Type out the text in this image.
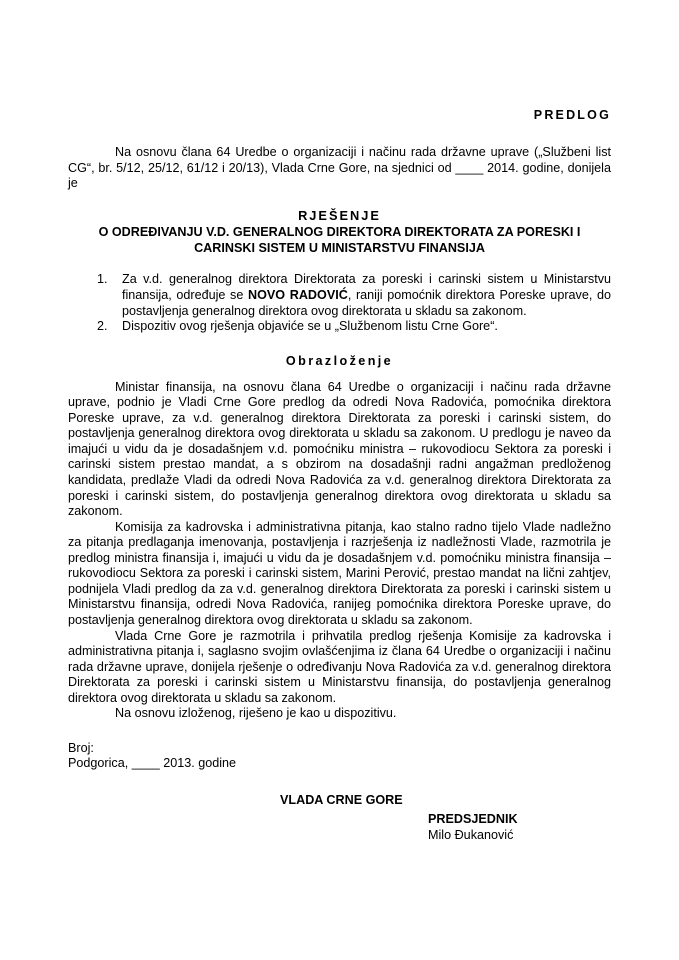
PREDLOG

Na osnovu člana 64 Uredbe o organizaciji i načinu rada državne uprave („Službeni list CG“, br. 5/12, 25/12, 61/12 i 20/13), Vlada Crne Gore, na sjednici od ____ 2014. godine, donijela je

RJEŠENJE
O ODREĐIVANJU V.D. GENERALNOG DIREKTORA DIREKTORATA ZA PORESKI I CARINSKI SISTEM U MINISTARSTVU FINANSIJA
1.	Za v.d. generalnog direktora Direktorata za poreski i carinski sistem u Ministarstvu finansija, određuje se NOVO RADOVIĆ, raniji pomoćnik direktora Poreske uprave, do postavljenja generalnog direktora ovog direktorata u skladu sa zakonom.
2.	Dispozitiv ovog rješenja objaviće se u „Službenom listu Crne Gore“.
Obrazloženje

Ministar finansija, na osnovu člana 64 Uredbe o organizaciji i načinu rada državne uprave, podnio je Vladi Crne Gore predlog da odredi Nova Radovića, pomoćnika direktora Poreske uprave, za v.d. generalnog direktora Direktorata za poreski i carinski sistem, do postavljenja generalnog direktora ovog direktorata u skladu sa zakonom. U predlogu je naveo da imajući u vidu da je dosadašnjem v.d. pomoćniku ministra – rukovodiocu Sektora za poreski i carinski sistem prestao mandat, a s obzirom na dosadašnji radni angažman predloženog kandidata, predlaže Vladi da odredi Nova Radovića za v.d. generalnog direktora Direktorata za poreski i carinski sistem, do postavljenja generalnog direktora ovog direktorata u skladu sa zakonom.

Komisija za kadrovska i administrativna pitanja, kao stalno radno tijelo Vlade nadležno za pitanja predlaganja imenovanja, postavljenja i razrješenja iz nadležnosti Vlade, razmotrila je predlog ministra finansija i, imajući u vidu da je dosadašnjem v.d. pomoćniku ministra finansija – rukovodiocu Sektora za poreski i carinski sistem, Marini Perović, prestao mandat na lični zahtjev, podnijela Vladi predlog da za v.d. generalnog direktora Direktorata za poreski i carinski sistem u Ministarstvu finansija, odredi Nova Radovića, ranijeg pomoćnika direktora Poreske uprave, do postavljenja generalnog direktora ovog direktorata u skladu sa zakonom.

Vlada Crne Gore je razmotrila i prihvatila predlog rješenja Komisije za kadrovska i administrativna pitanja i, saglasno svojim ovlašćenjima iz člana 64 Uredbe o organizaciji i načinu rada državne uprave, donijela rješenje o određivanju Nova Radovića za v.d. generalnog direktora Direktorata za poreski i carinski sistem u Ministarstvu finansija, do postavljenja generalnog direktora ovog direktorata u skladu sa zakonom.

Na osnovu izloženog, riješeno je kao u dispozitivu.

Broj:
Podgorica, ____ 2013. godine
VLADA CRNE GORE
PREDSJEDNIK
Milo Đukanović
